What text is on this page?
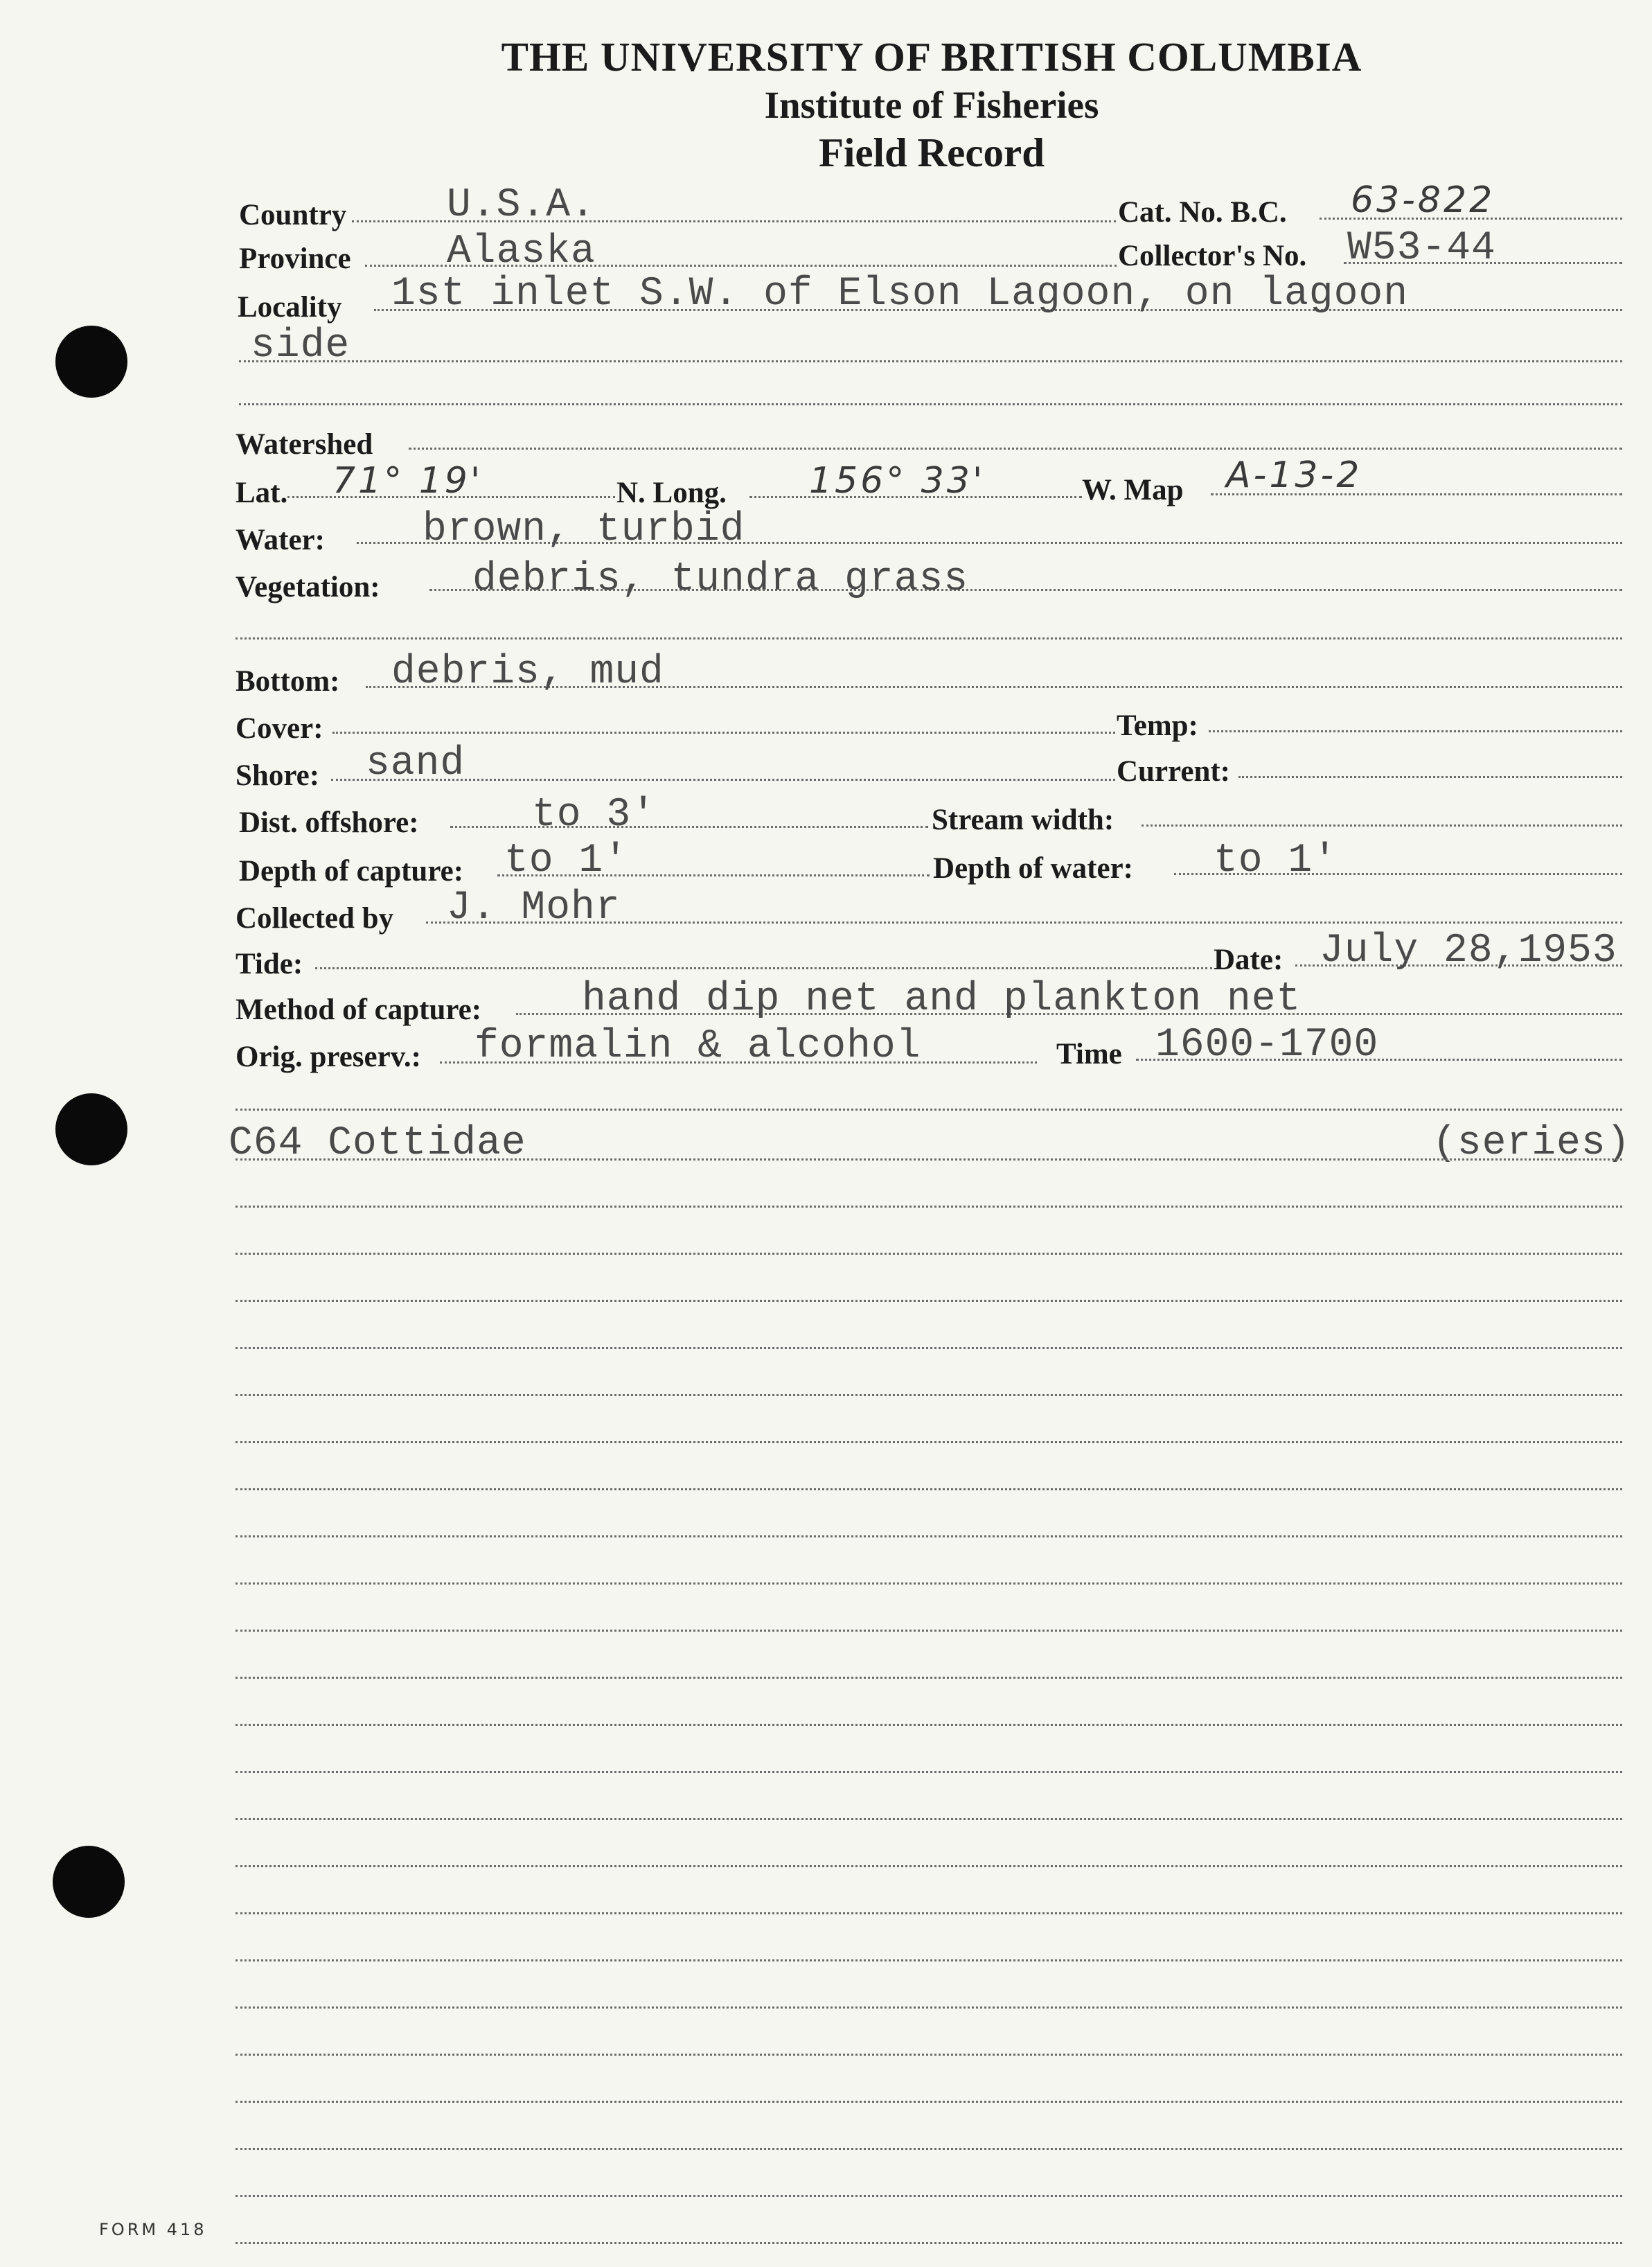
THE UNIVERSITY OF BRITISH COLUMBIA
Institute of Fisheries
Field Record
Country U.S.A.	Cat. No. B.C. 63-822
Province Alaska	Collector's No. W53-44
Locality 1st inlet S.W. of Elson Lagoon, on lagoon
side
Watershed
Lat. 71° 19'	N. Long. 156° 33'	W. Map A-13-2
Water: brown, turbid
Vegetation: debris, tundra grass
Bottom: debris, mud
Cover:	Temp:
Shore: sand	Current:
Dist. offshore:	to 3'	Stream width:
Depth of capture: to 1'	Depth of water: to 1'
Collected by J. Mohr
Tide:	Date: July 28,1953
Method of capture: hand dip net and plankton net
Orig. preserv.: formalin & alcohol	Time 1600-1700
C64 Cottidae	(series)
FORM 418
